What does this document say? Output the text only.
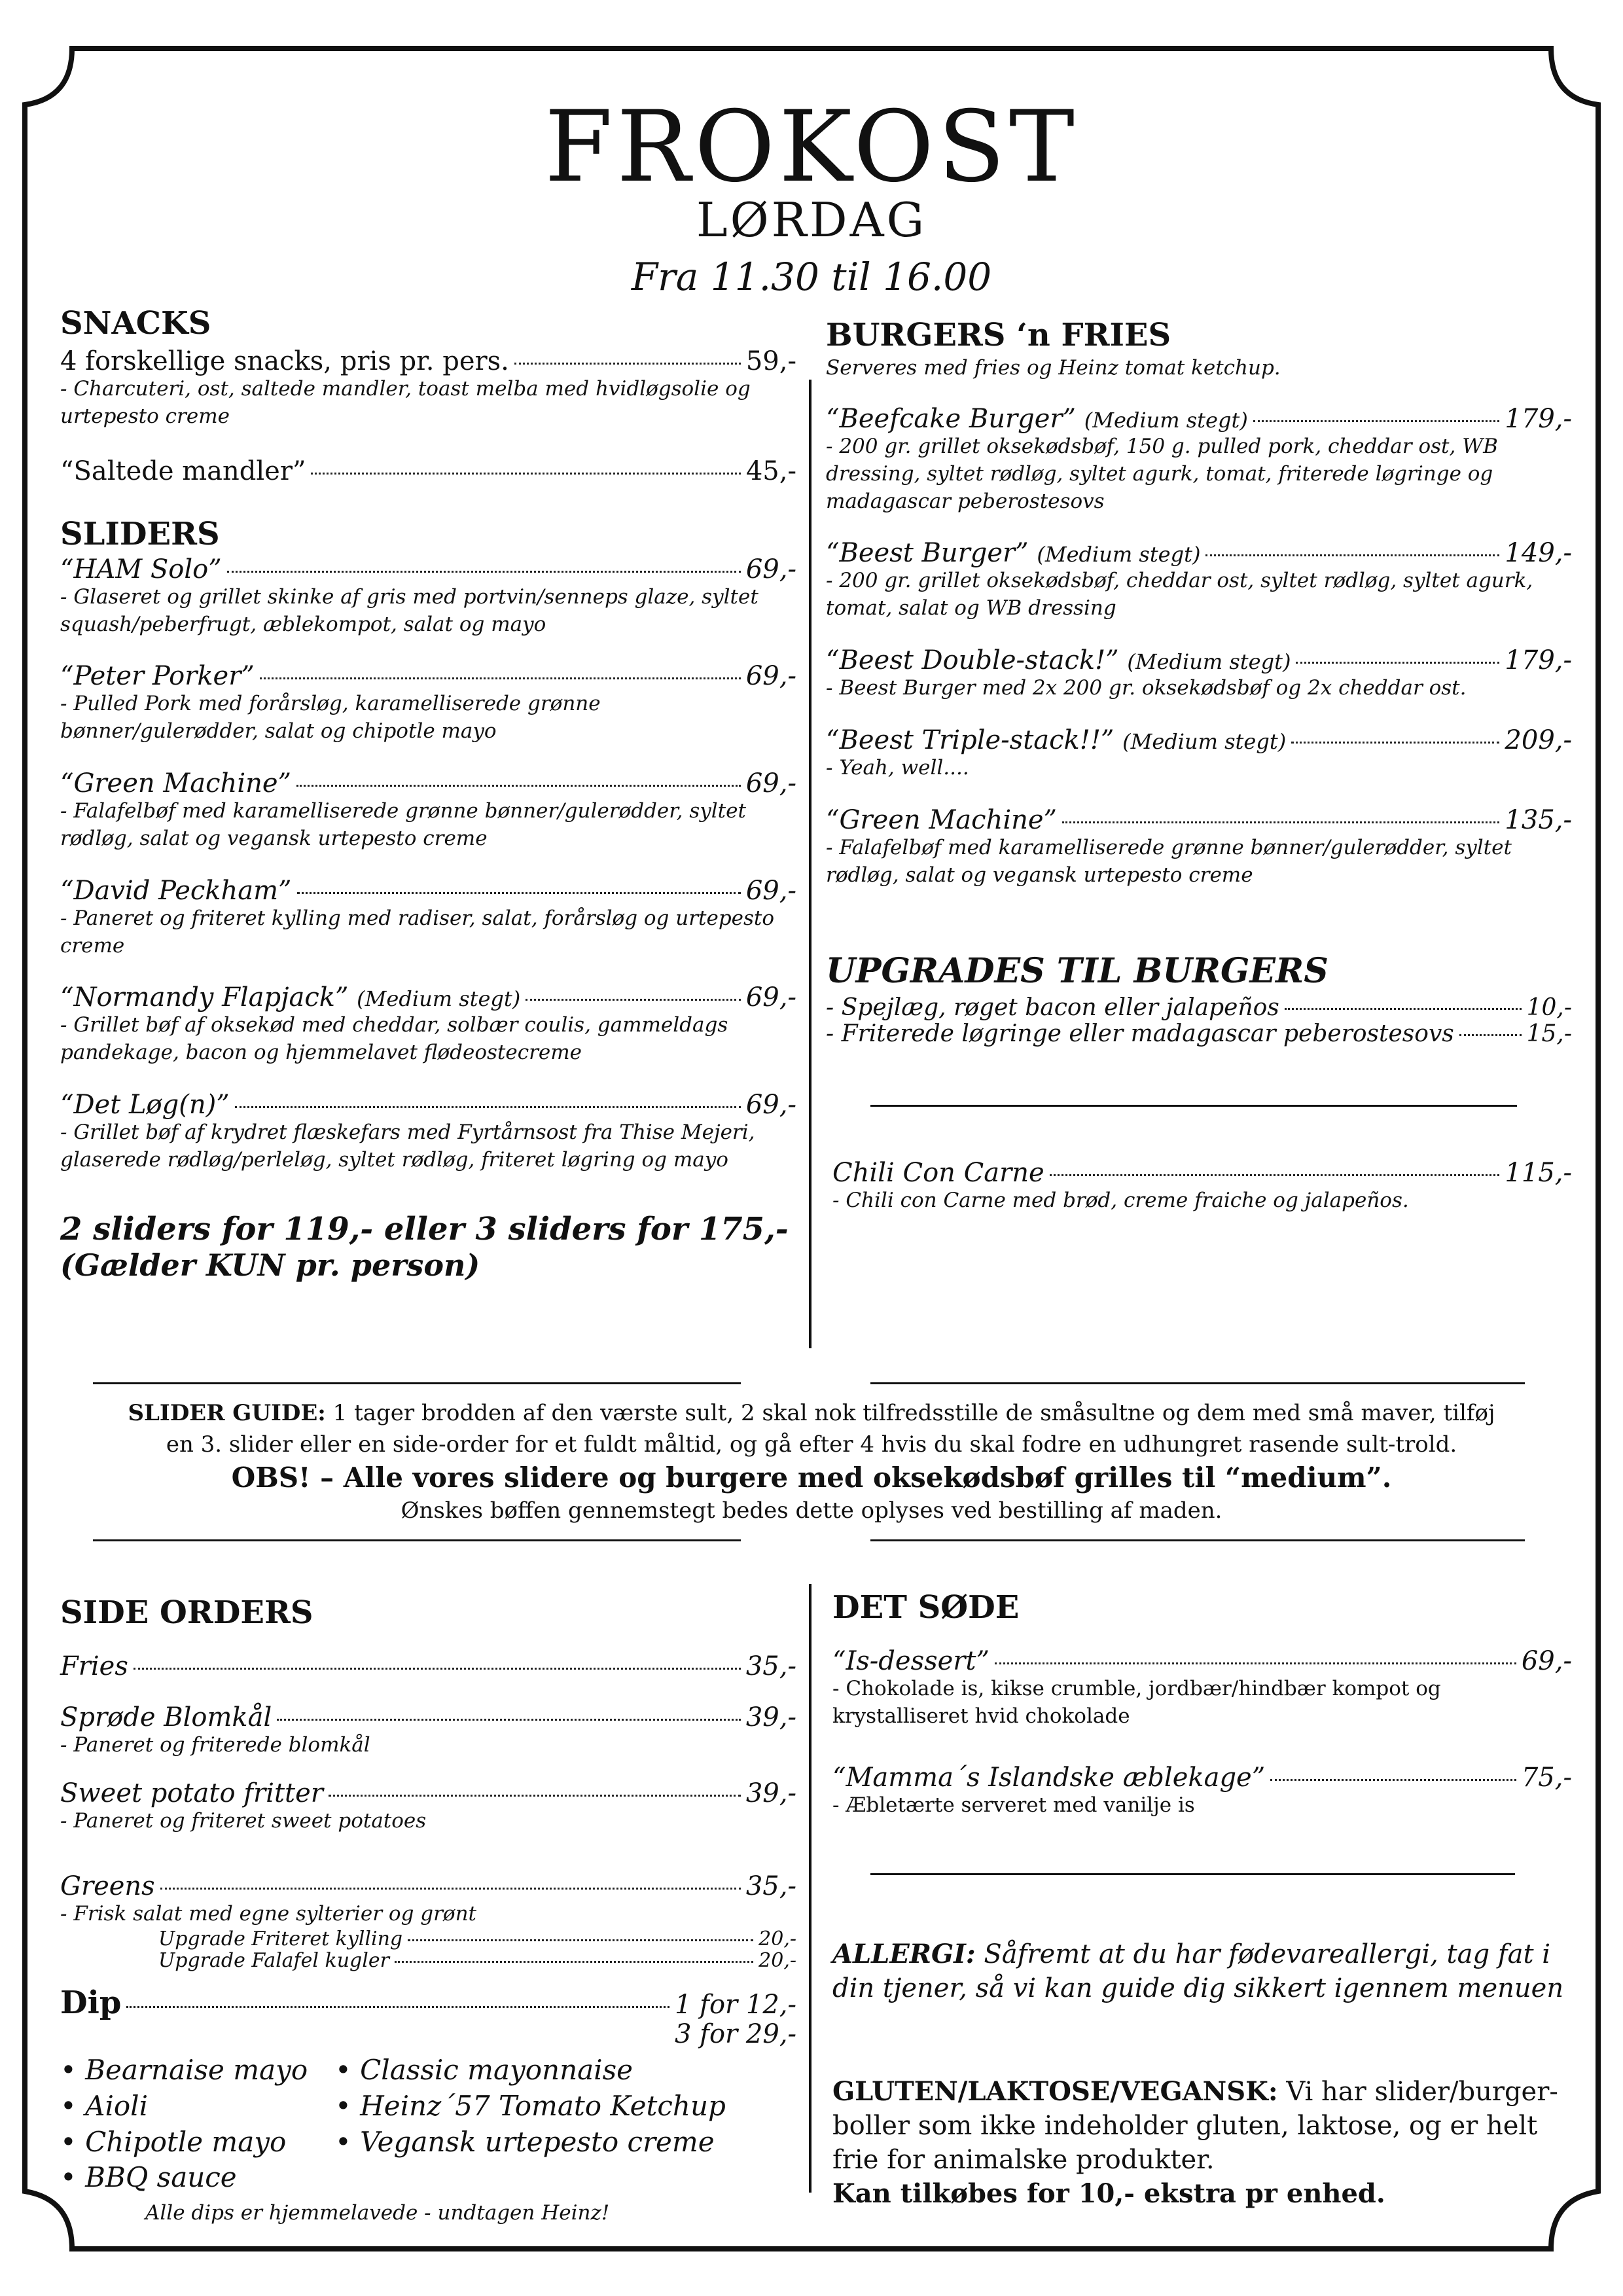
FROKOST
LØRDAG
Fra 11.30 til 16.00
SNACKS
4 forskellige snacks, pris pr. pers.	59,-
- Charcuteri, ost, saltede mandler, toast melba med hvidløgsolie og urtepesto creme
“Saltede mandler”	45,-
SLIDERS
“HAM Solo”	69,-
- Glaseret og grillet skinke af gris med portvin/senneps glaze, syltet squash/peberfrugt, æblekompot, salat og mayo
“Peter Porker”	69,-
- Pulled Pork med forårsløg, karamelliserede grønne bønner/gulerødder, salat og chipotle mayo
“Green Machine”	69,-
- Falafelbøf med karamelliserede grønne bønner/gulerødder, syltet rødløg, salat og vegansk urtepesto creme
“David Peckham”	69,-
- Paneret og friteret kylling med radiser, salat, forårsløg og urtepesto creme
“Normandy Flapjack” (Medium stegt)	69,-
- Grillet bøf af oksekød med cheddar, solbær coulis, gammeldags pandekage, bacon og hjemmelavet flødeostecreme
“Det Løg(n)”	69,-
- Grillet bøf af krydret flæskefars med Fyrtårnsost fra Thise Mejeri, glaserede rødløg/perleløg, syltet rødløg, friteret løgring og mayo
2 sliders for 119,- eller 3 sliders for 175,-
(Gælder KUN pr. person)
BURGERS ‘n FRIES
Serveres med fries og Heinz tomat ketchup.
“Beefcake Burger” (Medium stegt)	179,-
- 200 gr. grillet oksekødsbøf, 150 g. pulled pork, cheddar ost, WB dressing, syltet rødløg, syltet agurk, tomat, friterede løgringe og madagascar peberostesovs
“Beest Burger” (Medium stegt)	149,-
- 200 gr. grillet oksekødsbøf, cheddar ost, syltet rødløg, syltet agurk, tomat, salat og WB dressing
“Beest Double-stack!” (Medium stegt)	179,-
- Beest Burger med 2x 200 gr. oksekødsbøf og 2x cheddar ost.
“Beest Triple-stack!!” (Medium stegt)	209,-
- Yeah, well....
“Green Machine”	135,-
- Falafelbøf med karamelliserede grønne bønner/gulerødder, syltet rødløg, salat og vegansk urtepesto creme
UPGRADES TIL BURGERS
- Spejlæg, røget bacon eller jalapeños	10,-
- Friterede løgringe eller madagascar peberostesovs	15,-
Chili Con Carne	115,-
- Chili con Carne med brød, creme fraiche og jalapeños.
SLIDER GUIDE: 1 tager brodden af den værste sult, 2 skal nok tilfredsstille de småsultne og dem med små maver, tilføj
en 3. slider eller en side-order for et fuldt måltid, og gå efter 4 hvis du skal fodre en udhungret rasende sult-trold.
OBS! – Alle vores slidere og burgere med oksekødsbøf grilles til “medium”.
Ønskes bøffen gennemstegt bedes dette oplyses ved bestilling af maden.
SIDE ORDERS
Fries	35,-
Sprøde Blomkål	39,-
- Paneret og friterede blomkål
Sweet potato fritter	39,-
- Paneret og friteret sweet potatoes
Greens	35,-
- Frisk salat med egne sylterier og grønt
Upgrade Friteret kylling	20,-
Upgrade Falafel kugler	20,-
Dip	1 for 12,-
3 for 29,-
• Bearnaise mayo
• Aioli
• Chipotle mayo
• BBQ sauce
• Classic mayonnaise
• Heinz´57 Tomato Ketchup
• Vegansk urtepesto creme
Alle dips er hjemmelavede - undtagen Heinz!
DET SØDE
“Is-dessert”	69,-
- Chokolade is, kikse crumble, jordbær/hindbær kompot og krystalliseret hvid chokolade
“Mamma´s Islandske æblekage”	75,-
- Æbletærte serveret med vanilje is
ALLERGI: Såfremt at du har fødevareallergi, tag fat i din tjener, så vi kan guide dig sikkert igennem menuen
GLUTEN/LAKTOSE/VEGANSK: Vi har slider/burger-boller som ikke indeholder gluten, laktose, og er helt frie for animalske produkter.
Kan tilkøbes for 10,- ekstra pr enhed.
